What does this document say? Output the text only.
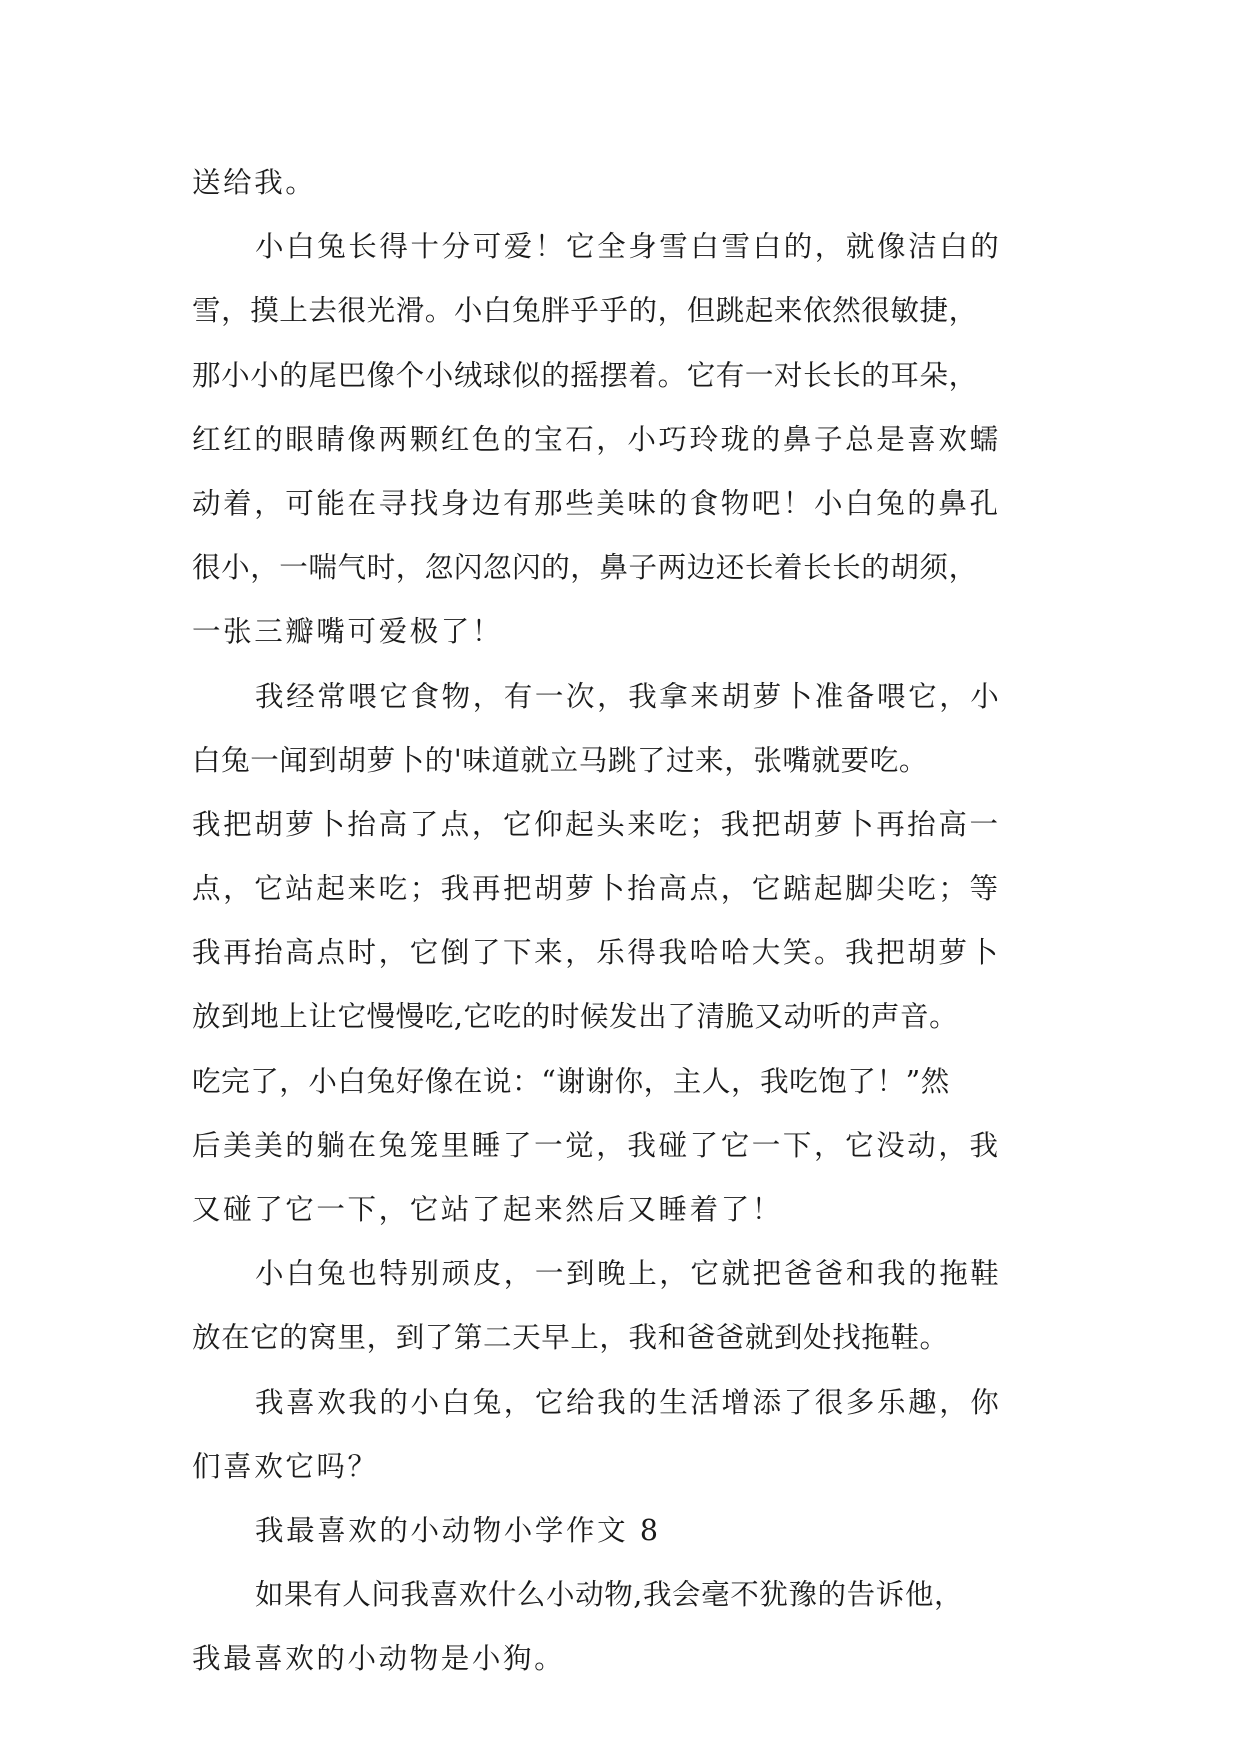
送给我。
小白兔长得十分可爱！它全身雪白雪白的，就像洁白的
雪，摸上去很光滑。小白兔胖乎乎的，但跳起来依然很敏捷，
那小小的尾巴像个小绒球似的摇摆着。它有一对长长的耳朵，
红红的眼睛像两颗红色的宝石，小巧玲珑的鼻子总是喜欢蠕
动着，可能在寻找身边有那些美味的食物吧！小白兔的鼻孔
很小，一喘气时，忽闪忽闪的，鼻子两边还长着长长的胡须，
一张三瓣嘴可爱极了！
我经常喂它食物，有一次，我拿来胡萝卜准备喂它，小
白兔一闻到胡萝卜的'味道就立马跳了过来，张嘴就要吃。
我把胡萝卜抬高了点，它仰起头来吃；我把胡萝卜再抬高一
点，它站起来吃；我再把胡萝卜抬高点，它踮起脚尖吃；等
我再抬高点时，它倒了下来，乐得我哈哈大笑。我把胡萝卜
放到地上让它慢慢吃,它吃的时候发出了清脆又动听的声音。
吃完了，小白兔好像在说：“谢谢你，主人，我吃饱了！”然
后美美的躺在兔笼里睡了一觉，我碰了它一下，它没动，我
又碰了它一下，它站了起来然后又睡着了！
小白兔也特别顽皮，一到晚上，它就把爸爸和我的拖鞋
放在它的窝里，到了第二天早上，我和爸爸就到处找拖鞋。
我喜欢我的小白兔，它给我的生活增添了很多乐趣，你
们喜欢它吗？
我最喜欢的小动物小学作文 8
如果有人问我喜欢什么小动物,我会毫不犹豫的告诉他，
我最喜欢的小动物是小狗。
